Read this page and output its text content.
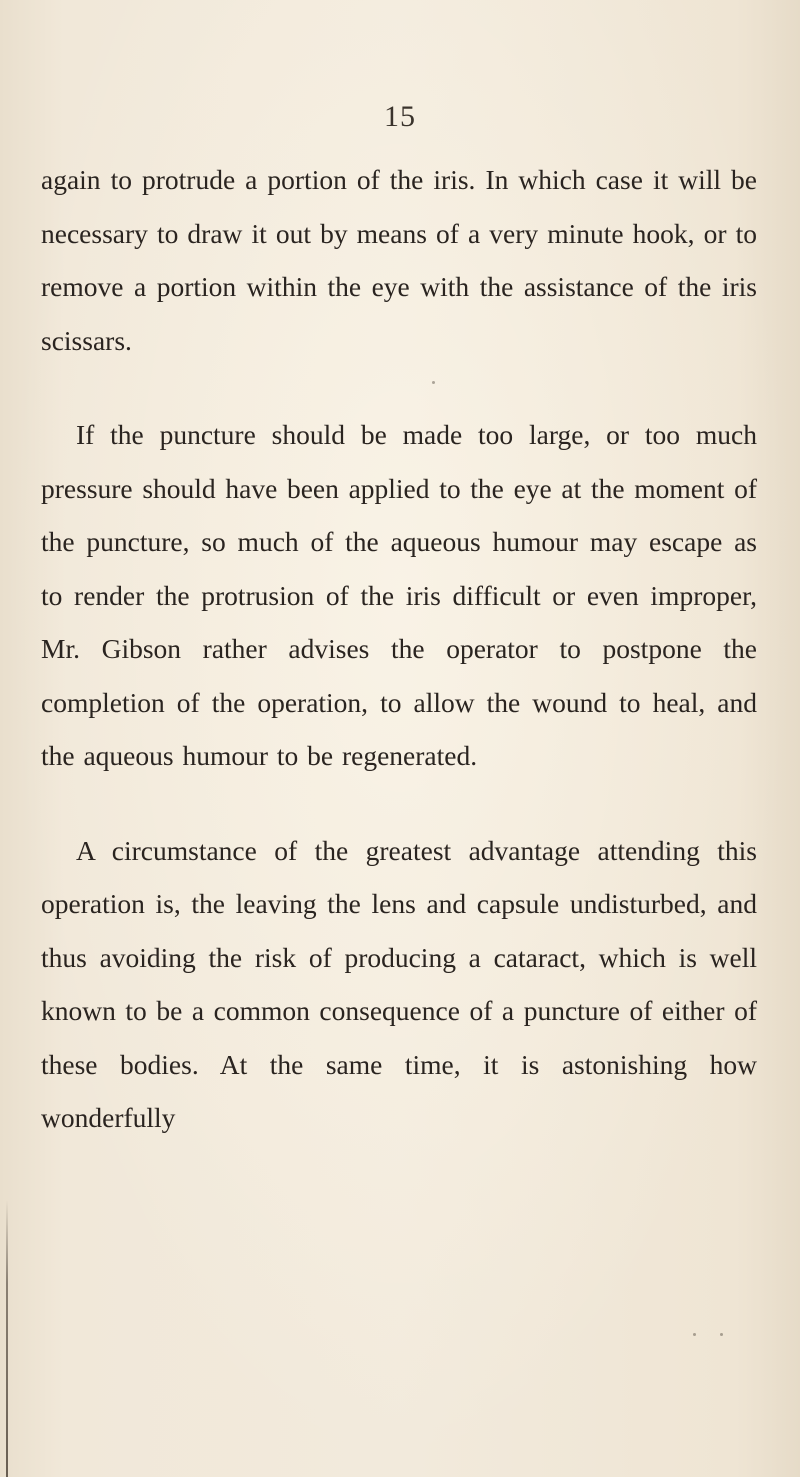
15

again to protrude a portion of the iris. In which case it will be necessary to draw it out by means of a very minute hook, or to remove a portion within the eye with the assistance of the iris scissars.

If the puncture should be made too large, or too much pressure should have been applied to the eye at the moment of the puncture, so much of the aqueous humour may escape as to render the protrusion of the iris difficult or even improper, Mr. Gibson rather advises the operator to postpone the completion of the operation, to allow the wound to heal, and the aqueous humour to be regenerated.

A circumstance of the greatest advantage attending this operation is, the leaving the lens and capsule undisturbed, and thus avoiding the risk of producing a cataract, which is well known to be a common consequence of a puncture of either of these bodies. At the same time, it is astonishing how wonderfully
